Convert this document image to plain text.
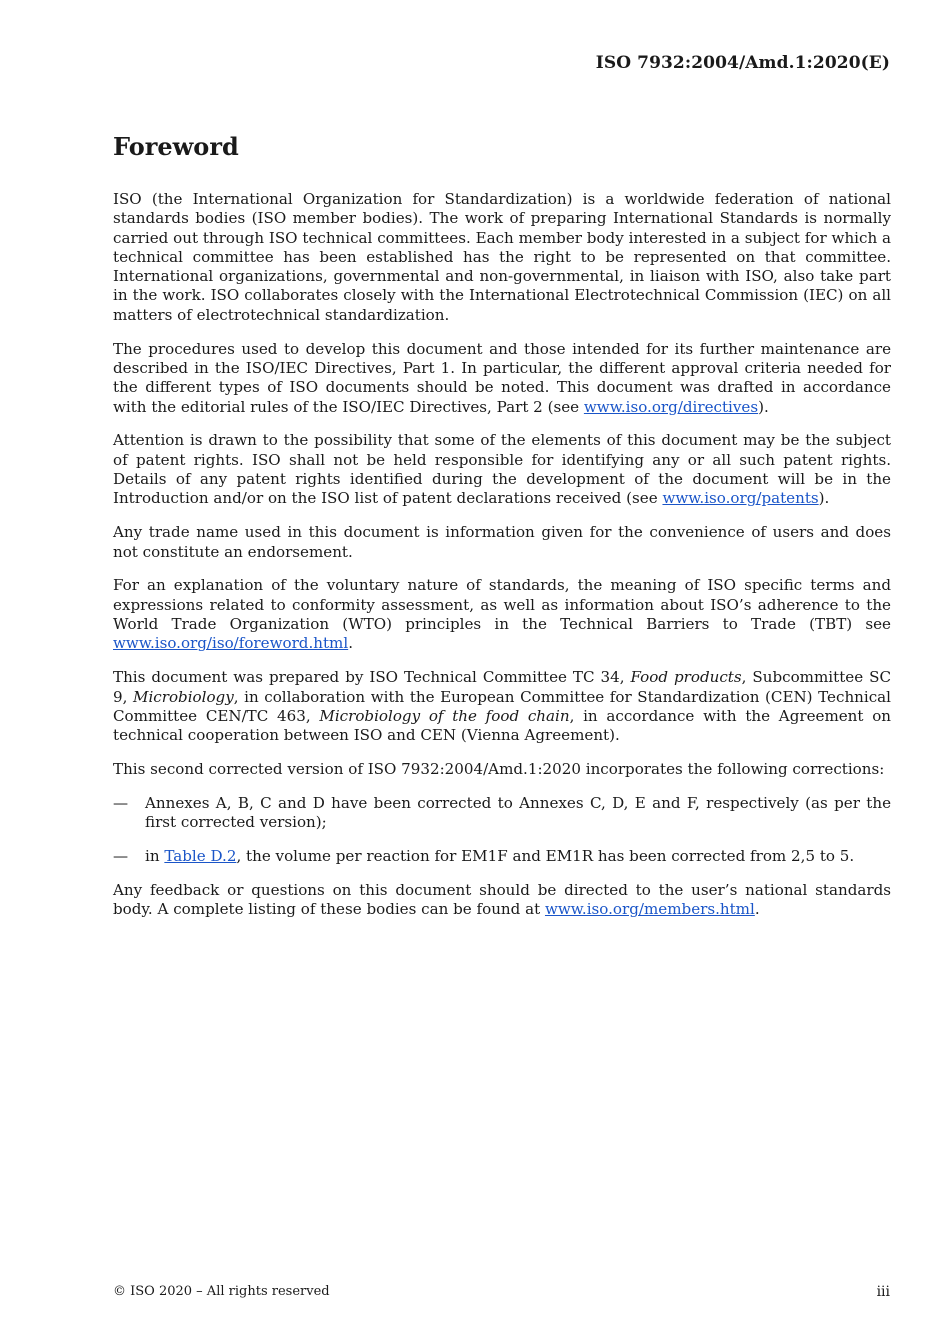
ISO 7932:2004/Amd.1:2020(E)
Foreword

ISO (the International Organization for Standardization) is a worldwide federation of national standards bodies (ISO member bodies). The work of preparing International Standards is normally carried out through ISO technical committees. Each member body interested in a subject for which a technical committee has been established has the right to be represented on that committee. International organizations, governmental and non-governmental, in liaison with ISO, also take part in the work. ISO collaborates closely with the International Electrotechnical Commission (IEC) on all matters of electrotechnical standardization.

The procedures used to develop this document and those intended for its further maintenance are described in the ISO/IEC Directives, Part 1. In particular, the different approval criteria needed for the different types of ISO documents should be noted. This document was drafted in accordance with the editorial rules of the ISO/IEC Directives, Part 2 (see www.iso.org/directives).

Attention is drawn to the possibility that some of the elements of this document may be the subject of patent rights. ISO shall not be held responsible for identifying any or all such patent rights. Details of any patent rights identified during the development of the document will be in the Introduction and/or on the ISO list of patent declarations received (see www.iso.org/patents).

Any trade name used in this document is information given for the convenience of users and does not constitute an endorsement.

For an explanation of the voluntary nature of standards, the meaning of ISO specific terms and expressions related to conformity assessment, as well as information about ISO’s adherence to the World Trade Organization (WTO) principles in the Technical Barriers to Trade (TBT) see www.iso.org/iso/foreword.html.

This document was prepared by ISO Technical Committee TC 34, Food products, Subcommittee SC 9, Microbiology, in collaboration with the European Committee for Standardization (CEN) Technical Committee CEN/TC 463, Microbiology of the food chain, in accordance with the Agreement on technical cooperation between ISO and CEN (Vienna Agreement).

This second corrected version of ISO 7932:2004/Amd.1:2020 incorporates the following corrections:

—	Annexes A, B, C and D have been corrected to Annexes C, D, E and F, respectively (as per the first corrected version);
—	in Table D.2, the volume per reaction for EM1F and EM1R has been corrected from 2,5 to 5.

Any feedback or questions on this document should be directed to the user’s national standards body. A complete listing of these bodies can be found at www.iso.org/members.html.

© ISO 2020 – All rights reserved	iii
